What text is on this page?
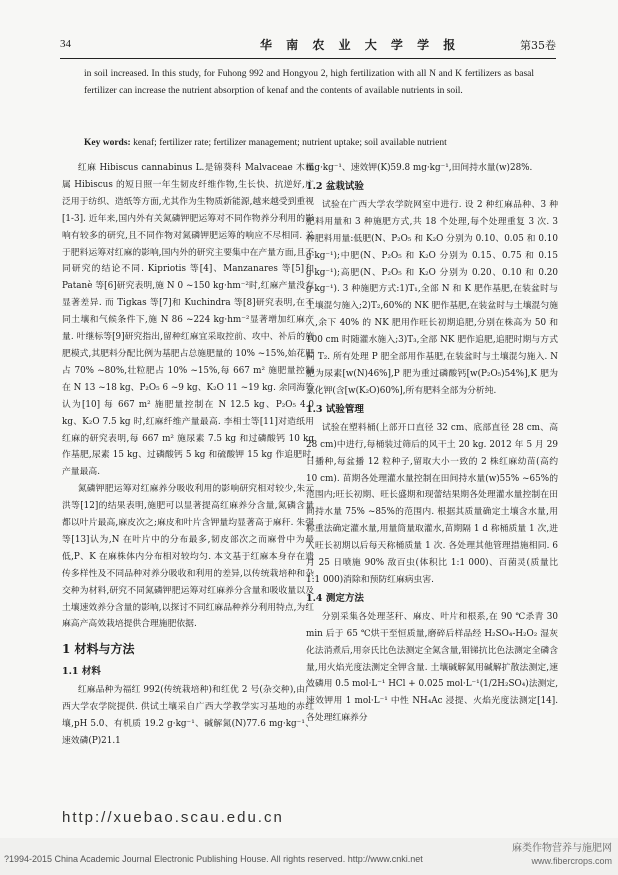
34	华 南 农 业 大 学 学 报	第35卷
in soil increased. In this study, for Fuhong 992 and Hongyou 2, high fertilization with all N and K fertilizers as basal fertilizer can increase the nutrient absorption of kenaf and the contents of available nutrients in soil.
Key words: kenaf; fertilizer rate; fertilizer management; nutrient uptake; soil available nutrient

红麻 Hibiscus cannabinus L.是锦葵科 Malvaceae 木槿属 Hibiscus 的短日照一年生韧皮纤维作物,生长快、抗逆好,广泛用于纺织、造纸等方面,尤其作为生物质新能源,越来越受到重视[1-3]. 近年来,国内外有关氮磷钾肥运筹对不同作物养分利用的影响有较多的研究,且不同作物对氮磷钾肥运筹的响应不尽相同. 关于肥料运筹对红麻的影响,国内外的研究主要集中在产量方面,且不同研究的结论不同. Kipriotis 等[4]、Manzanares 等[5]和 Patanè 等[6]研究表明,施 N 0 ~150 kg·hm⁻²时,红麻产量没有显著差异. 而 Tigkas 等[7]和 Kuchindra 等[8]研究表明,在不同土壤和气候条件下,施 N 86 ~224 kg·hm⁻²显著增加红麻产量. 叶继标等[9]研究指出,留种红麻宜采取控前、攻中、补后的施肥模式,其肥料分配比例为基肥占总施肥量的 10% ~15%,始花肥占 70% ~80%,壮粒肥占 10% ~15%,每 667 m² 施肥量控制在 N 13 ~18 kg、P₂O₅ 6 ~9 kg、K₂O 11 ~19 kg. 余同海等认为[10] 每 667 m² 施肥量控制在 N 12.5 kg、P₂O₅ 4.0 kg、K₂O 7.5 kg 时,红麻纤维产量最高. 李相士等[11]对造纸用红麻的研究表明,每 667 m² 施尿素 7.5 kg 和过磷酸钙 10 kg 作基肥,尿素 15 kg、过磷酸钙 5 kg 和硫酸钾 15 kg 作追肥时,产量最高.

氮磷钾肥运筹对红麻养分吸收利用的影响研究相对较少,朱元洪等[12]的结果表明,施肥可以显著提高红麻养分含量,氮磷含量都以叶片最高,麻皮次之;麻皮和叶片含钾量均显著高于麻秆. 朱强等[13]认为,N 在叶片中的分布最多,韧皮部次之而麻骨中为最低,P、K 在麻株体内分布相对较均匀. 本文基于红麻本身存在遗传多样性及不同品种对养分吸收和利用的差异,以传统栽培种和杂交种为材料,研究不同氮磷钾肥运筹对红麻养分含量和吸收量以及土壤速效养分含量的影响,以探讨不同红麻品种养分利用特点,为红麻高产高效栽培提供合理施肥依据.

1 材料与方法
1.1 材料

红麻品种为福红 992(传统栽培种)和红优 2 号(杂交种),由广西大学农学院提供. 供试土壤采自广西大学教学实习基地的赤红壤,pH 5.0、有机质 19.2 g·kg⁻¹、碱解氮(N)77.6 mg·kg⁻¹、速效磷(P)21.1

mg·kg⁻¹、速效钾(K)59.8 mg·kg⁻¹,田间持水量(w)28%.

1.2 盆栽试验

试验在广西大学农学院网室中进行. 设 2 种红麻品种、3 种肥料用量和 3 种施肥方式,共 18 个处理,每个处理重复 3 次. 3 种肥料用量:低肥(N、P₂O₅ 和 K₂O 分别为 0.10、0.05 和 0.10 g·kg⁻¹);中肥(N、P₂O₅ 和 K₂O 分别为 0.15、0.75 和 0.15 g·kg⁻¹);高肥(N、P₂O₅ 和 K₂O 分别为 0.20、0.10 和 0.20 g·kg⁻¹). 3 种施肥方式:1)T₁,全部 N 和 K 肥作基肥,在装盆时与土壤混匀施入;2)T₂,60%的 NK 肥作基肥,在装盆时与土壤混匀施入,余下 40% 的 NK 肥用作旺长初期追肥,分别在株高为 50 和 100 cm 时随灌水施入;3)T₃,全部 NK 肥作追肥,追肥时期与方式同 T₂. 所有处理 P 肥全部用作基肥,在装盆时与土壤混匀施入. N 肥为尿素[w(N)46%],P 肥为重过磷酸钙[w(P₂O₅)54%],K 肥为氯化钾(含[w(K₂O)60%],所有肥料全部为分析纯.

1.3 试验管理

试验在塑料桶(上部开口直径 32 cm、底部直径 28 cm、高 28 cm)中进行,每桶装过筛后的风干土 20 kg. 2012 年 5 月 29 日播种,每盆播 12 粒种子,留取大小一致的 2 株红麻幼苗(高约 10 cm). 苗期各处理灌水量控制在田间持水量(w)55% ~65%的范围内;旺长初期、旺长盛期和现蕾结果期各处理灌水量控制在田间持水量 75% ~85%的范围内. 根据其质量确定土壤含水量,用称重法确定灌水量,用量筒量取灌水,苗期隔 1 d 称桶质量 1 次,进入旺长初期以后每天称桶质量 1 次. 各处理其他管理措施相同. 6 月 25 日喷施 90% 敌百虫(体积比 1:1 000)、百菌灵(质量比 1:1 000)消除和预防红麻病虫害.

1.4 测定方法

分别采集各处理茎秆、麻皮、叶片和根系,在 90 ℃杀青 30 min 后于 65 ℃烘干至恒质量,磨碎后样品经 H₂SO₄-H₂O₂ 湿灰化法消煮后,用奈氏比色法测定全氮含量,钼锑抗比色法测定全磷含量,用火焰光度法测定全钾含量. 土壤碱解氮用碱解扩散法测定,速效磷用 0.5 mol·L⁻¹ HCl + 0.025 mol·L⁻¹(1/2H₂SO₄)法测定,速效钾用 1 mol·L⁻¹ 中性 NH₄Ac 浸提、火焰光度法测定[14]. 各处理红麻养分

http://xuebao.scau.edu.cn
?1994-2015 China Academic Journal Electronic Publishing House. All rights reserved. http://www.cnki.net
麻类作物营养与施肥网
www.fibercrops.com
